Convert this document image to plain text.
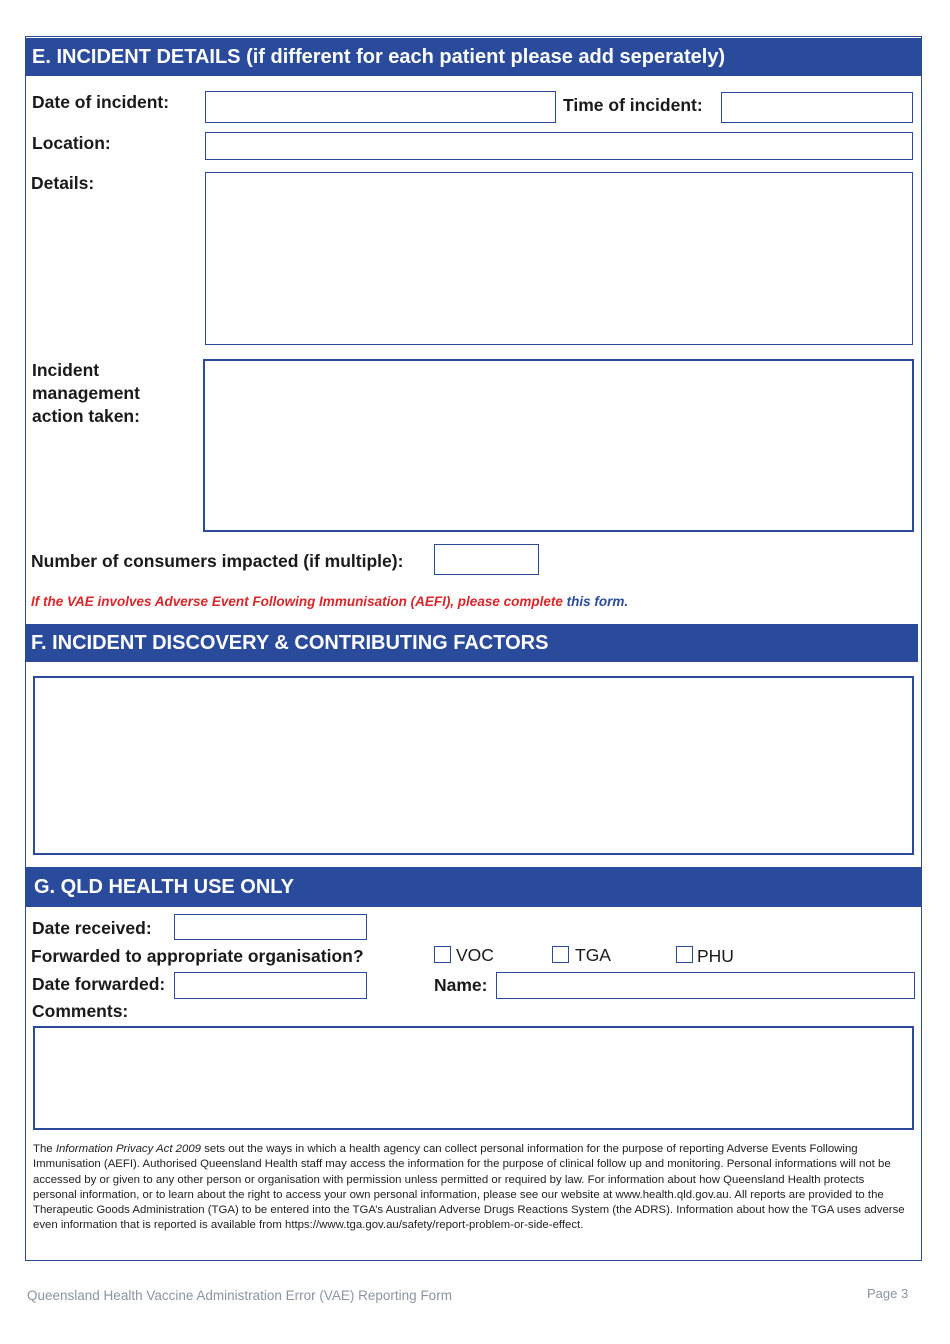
E. INCIDENT DETAILS (if different for each patient please add seperately)
Date of incident:	Time of incident:
Location:
Details:
Incident
management
action taken:
Number of consumers impacted (if multiple):
If the VAE involves Adverse Event Following Immunisation (AEFI), please complete this form.
F. INCIDENT DISCOVERY & CONTRIBUTING FACTORS
G. QLD HEALTH USE ONLY
Date received:
Forwarded to appropriate organisation?	VOC	TGA	PHU
Date forwarded:	Name:
Comments:
The Information Privacy Act 2009 sets out the ways in which a health agency can collect personal information for the purpose of reporting Adverse Events Following Immunisation (AEFI). Authorised Queensland Health staff may access the information for the purpose of clinical follow up and monitoring. Personal informations will not be accessed by or given to any other person or organisation with permission unless permitted or required by law. For information about how Queensland Health protects personal information, or to learn about the right to access your own personal information, please see our website at www.health.qld.gov.au. All reports are provided to the Therapeutic Goods Administration (TGA) to be entered into the TGA’s Australian Adverse Drugs Reactions System (the ADRS). Information about how the TGA uses adverse even information that is reported is available from https://www.tga.gov.au/safety/report-problem-or-side-effect.
Queensland Health Vaccine Administration Error (VAE) Reporting Form	Page 3
